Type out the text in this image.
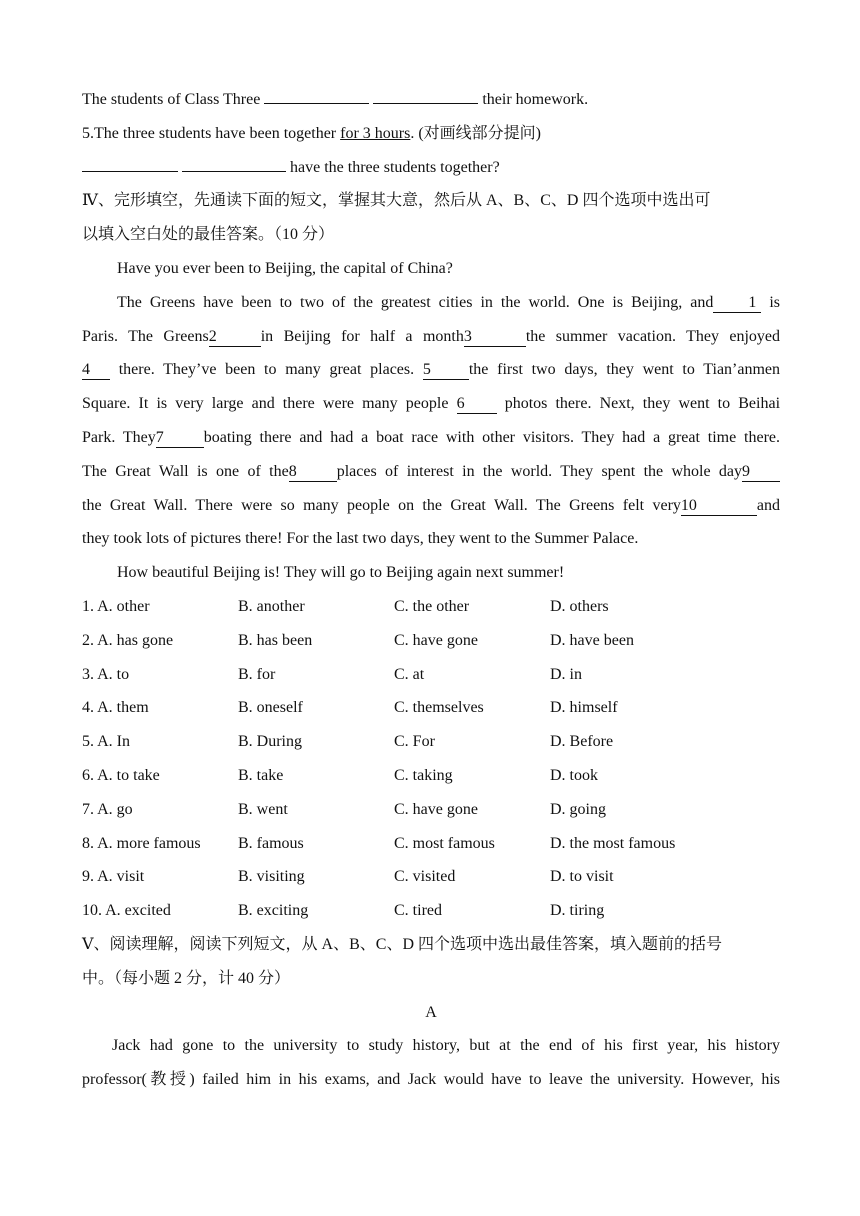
The students of Class Three	their homework.
5.The three students have been together for 3 hours. (对画线部分提问)
have the three students together?
Ⅳ、完形填空，先通读下面的短文，掌握其大意，然后从 A、B、C、D 四个选项中选出可
以填入空白处的最佳答案。（10 分）
Have you ever been to Beijing, the capital of China?
The Greens have been to two of the greatest cities in the world. One is Beijing, and 1 is
Paris. The Greens2	in Beijing for half a month3	the summer vacation. They enjoyed
4 there. They’ve been to many great places. 5 the first two days, they went to Tian’anmen
Square. It is very large and there were many people 6	photos there. Next, they went to Beihai
Park. They7	boating there and had a boat race with other visitors. They had a great time there.
The Great Wall is one of the8	places of interest in the world. They spent the whole day9
the Great Wall. There were so many people on the Great Wall. The Greens felt very10	and
they took lots of pictures there! For the last two days, they went to the Summer Palace.
How beautiful Beijing is! They will go to Beijing again next summer!
1. A. other	B. another	C. the other	D. others
2. A. has gone	B. has been	C. have gone	D. have been
3. A. to	B. for	C. at	D. in
4. A. them	B. oneself	C. themselves	D. himself
5. A. In	B. During	C. For	D. Before
6. A. to take	B. take	C. taking	D. took
7. A. go	B. went	C. have gone	D. going
8. A. more famous	B. famous	C. most famous	D. the most famous
9. A. visit	B. visiting	C. visited	D. to visit
10. A. excited	B. exciting	C. tired	D. tiring
Ⅴ、阅读理解，阅读下列短文，从 A、B、C、D 四个选项中选出最佳答案，填入题前的括号
中。（每小题 2 分，计 40 分）
A
Jack had gone to the university to study history, but at the end of his first year, his history
professor(教授) failed him in his exams, and Jack would have to leave the university. However, his
